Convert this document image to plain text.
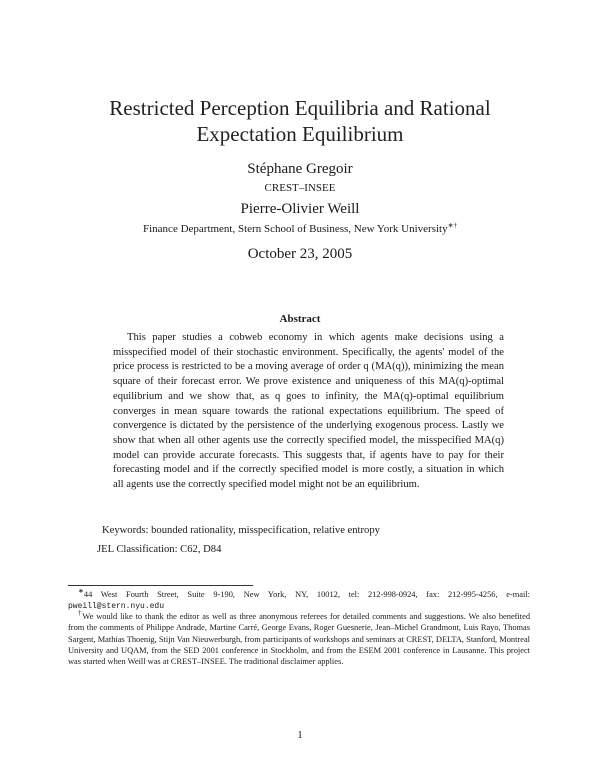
Restricted Perception Equilibria and Rational
Expectation Equilibrium
Stéphane Gregoir
CREST–INSEE
Pierre-Olivier Weill
Finance Department, Stern School of Business, New York University∗†
October 23, 2005
Abstract

This paper studies a cobweb economy in which agents make decisions using a misspecified model of their stochastic environment. Specifically, the agents' model of the price process is restricted to be a moving average of order q (MA(q)), minimizing the mean square of their forecast error. We prove existence and uniqueness of this MA(q)-optimal equilibrium and we show that, as q goes to infinity, the MA(q)-optimal equilibrium converges in mean square towards the rational expectations equilibrium. The speed of convergence is dictated by the persistence of the underlying exogenous process. Lastly we show that when all other agents use the correctly specified model, the misspecified MA(q) model can provide accurate forecasts. This suggests that, if agents have to pay for their forecasting model and if the correctly specified model is more costly, a situation in which all agents use the correctly specified model might not be an equilibrium.

Keywords: bounded rationality, misspecification, relative entropy
JEL Classification: C62, D84

∗44 West Fourth Street, Suite 9-190, New York, NY, 10012, tel: 212-998-0924, fax: 212-995-4256, e-mail: pweill@stern.nyu.edu

†We would like to thank the editor as well as three anonymous referees for detailed comments and suggestions. We also benefited from the comments of Philippe Andrade, Martine Carré, George Evans, Roger Guesnerie, Jean–Michel Grandmont, Luis Rayo, Thomas Sargent, Mathias Thoenig, Stijn Van Nieuwerburgh, from participants of workshops and seminars at CREST, DELTA, Stanford, Montreal University and UQAM, from the SED 2001 conference in Stockholm, and from the ESEM 2001 conference in Lausanne. This project was started when Weill was at CREST–INSEE. The traditional disclaimer applies.

1
